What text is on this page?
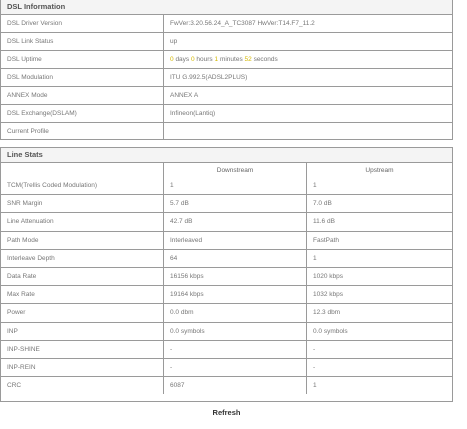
DSL Information
DSL Driver Version	FwVer:3.20.56.24_A_TC3087 HwVer:T14.F7_11.2
DSL Link Status	up
DSL Uptime	0 days 0 hours 1 minutes 52 seconds
DSL Modulation	ITU G.992.5(ADSL2PLUS)
ANNEX Mode	ANNEX A
DSL Exchange(DSLAM)	Infineon(Lantiq)
Current Profile	
Line Stats
	Downstream	Upstream
TCM(Trellis Coded Modulation)	1	1
SNR Margin	5.7 dB	7.0 dB
Line Attenuation	42.7 dB	11.6 dB
Path Mode	Interleaved	FastPath
Interleave Depth	64	1
Data Rate	16156 kbps	1020 kbps
Max Rate	19164 kbps	1032 kbps
Power	0.0 dbm	12.3 dbm
INP	0.0 symbols	0.0 symbols
INP-SHINE	-	-
INP-REIN	-	-
CRC	6087	1
Refresh
